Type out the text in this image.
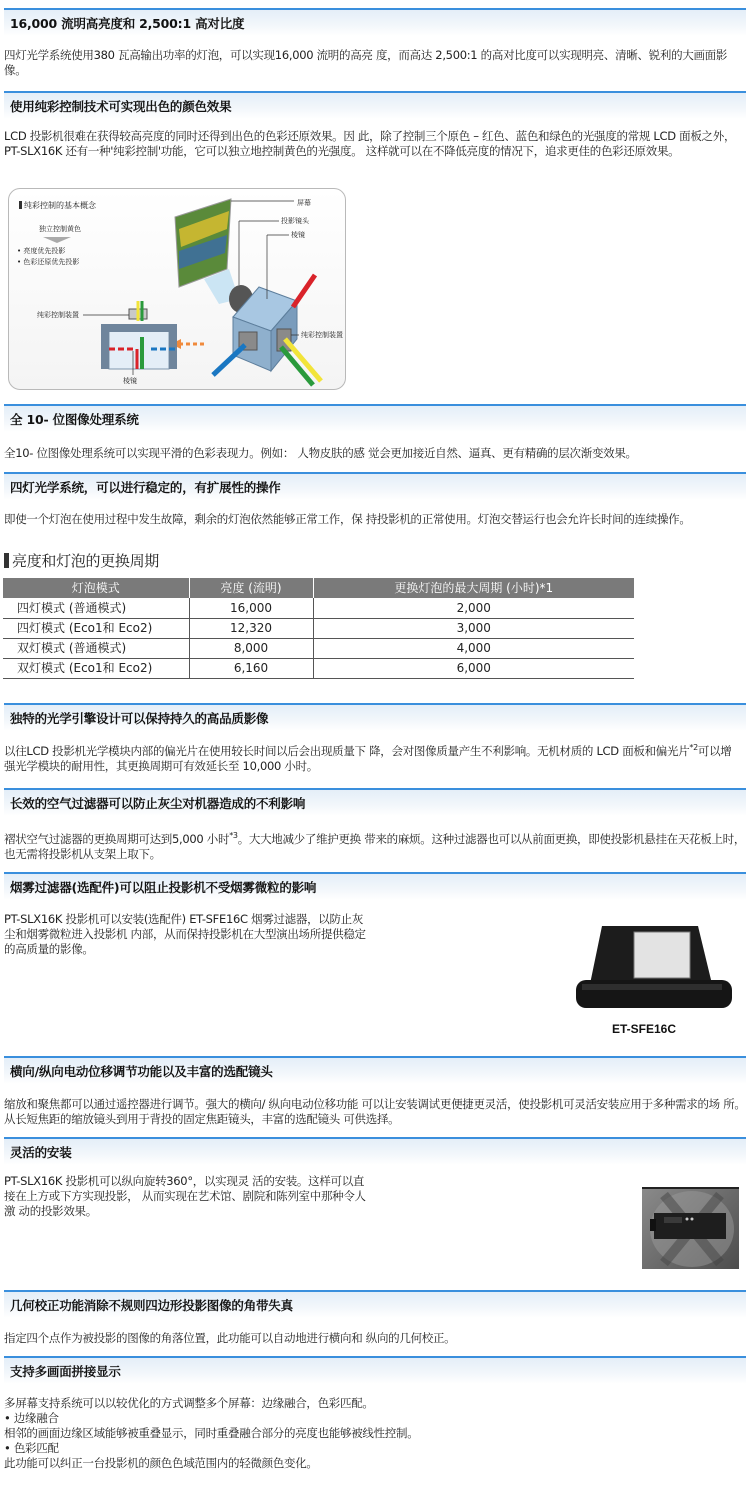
16,000 流明高亮度和 2,500:1 高对比度
四灯光学系统使用380 瓦高输出功率的灯泡，可以实现16,000 流明的高亮 度，而高达 2,500:1 的高对比度可以实现明亮、清晰、锐利的大画面影像。
使用纯彩控制技术可实现出色的颜色效果
LCD 投影机很难在获得较高亮度的同时还得到出色的色彩还原效果。因 此，除了控制三个原色 – 红色、蓝色和绿色的光强度的常规 LCD 面板之外， PT-SLX16K 还有一种'纯彩控制'功能，它可以独立地控制黄色的光强度。 这样就可以在不降低亮度的情况下，追求更佳的色彩还原效果。
纯彩控制的基本概念
独立控制黄色
• 亮度优先投影
• 色彩还原优先投影
屏幕
投影镜头
棱镜
纯彩控制装置
纯彩控制装置
棱镜
全 10- 位图像处理系统
全10- 位图像处理系统可以实现平滑的色彩表现力。例如： 人物皮肤的感 觉会更加接近自然、逼真、更有精确的层次渐变效果。
四灯光学系统，可以进行稳定的，有扩展性的操作
即使一个灯泡在使用过程中发生故障，剩余的灯泡依然能够正常工作，保 持投影机的正常使用。灯泡交替运行也会允许长时间的连续操作。
亮度和灯泡的更换周期
灯泡模式	亮度 (流明)	更换灯泡的最大周期 (小时)*1
四灯模式 (普通模式)	16,000	2,000
四灯模式 (Eco1和 Eco2)	12,320	3,000
双灯模式 (普通模式)	8,000	4,000
双灯模式 (Eco1和 Eco2)	6,160	6,000
独特的光学引擎设计可以保持持久的高品质影像
以往LCD 投影机光学模块内部的偏光片在使用较长时间以后会出现质量下 降，会对图像质量产生不利影响。无机材质的 LCD 面板和偏光片$^{*2}$可以增 强光学模块的耐用性，其更换周期可有效延长至 10,000 小时。
长效的空气过滤器可以防止灰尘对机器造成的不利影响
褶状空气过滤器的更换周期可达到5,000 小时$^{*3}$。大大地减少了维护更换 带来的麻烦。这种过滤器也可以从前面更换，即使投影机悬挂在天花板上时， 也无需将投影机从支架上取下。
烟雾过滤器(选配件)可以阻止投影机不受烟雾微粒的影响
PT-SLX16K 投影机可以安装(选配件) ET-SFE16C 烟雾过滤器，以防止灰尘和烟雾微粒进入投影机 内部，从而保持投影机在大型演出场所提供稳定 的高质量的影像。
ET-SFE16C
横向/纵向电动位移调节功能以及丰富的选配镜头
缩放和聚焦都可以通过遥控器进行调节。强大的横向/ 纵向电动位移功能 可以让安装调试更便捷更灵活，使投影机可灵活安装应用于多种需求的场 所。从长短焦距的缩放镜头到用于背投的固定焦距镜头，丰富的选配镜头 可供选择。
灵活的安装
PT-SLX16K 投影机可以纵向旋转360°，以实现灵 活的安装。这样可以直接在上方或下方实现投影， 从而实现在艺术馆、剧院和陈列室中那种令人激 动的投影效果。
几何校正功能消除不规则四边形投影图像的角带失真
指定四个点作为被投影的图像的角落位置，此功能可以自动地进行横向和 纵向的几何校正。
支持多画面拼接显示
多屏幕支持系统可以以较优化的方式调整多个屏幕：边缘融合，色彩匹配。
• 边缘融合
相邻的画面边缘区域能够被重叠显示，同时重叠融合部分的亮度也能够被线性控制。
• 色彩匹配
此功能可以纠正一台投影机的颜色色域范围内的轻微颜色变化。
